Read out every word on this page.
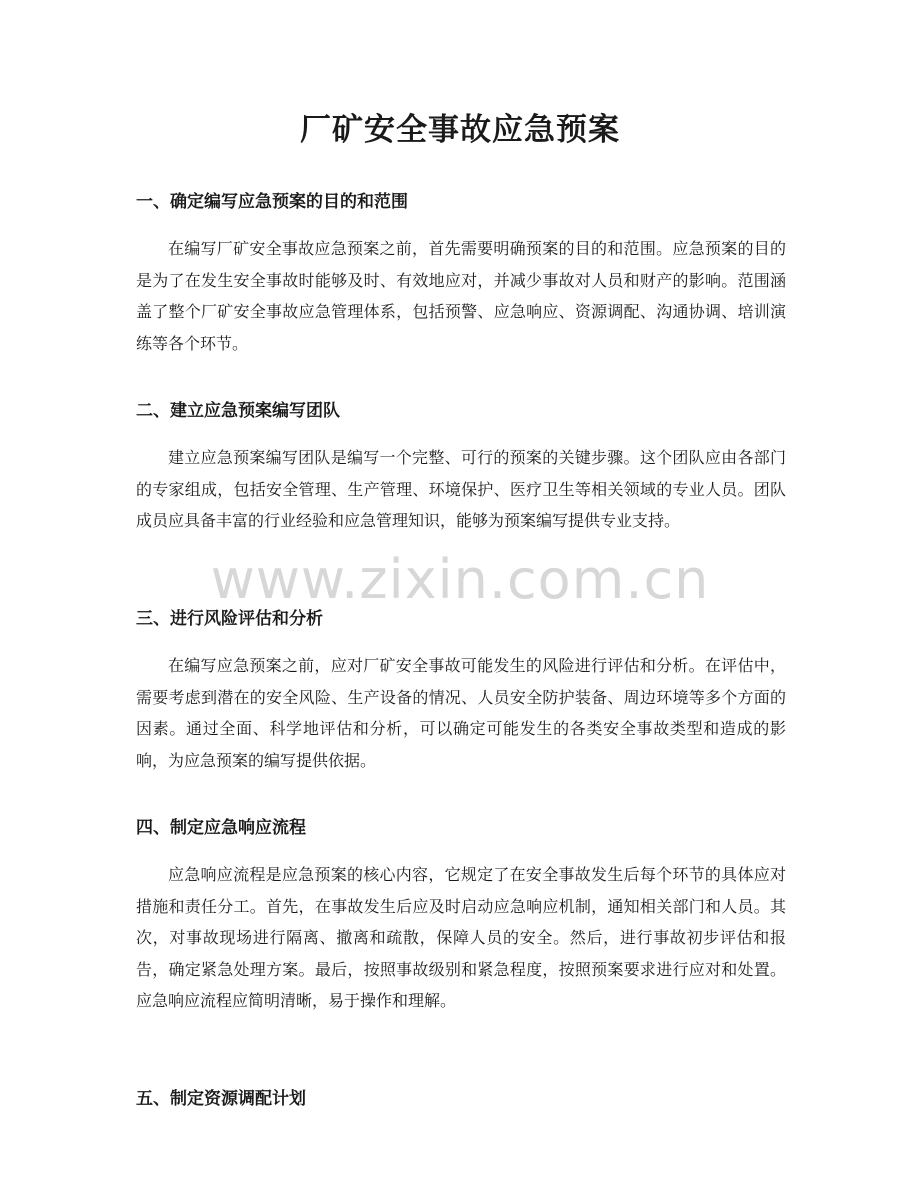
厂矿安全事故应急预案
一、确定编写应急预案的目的和范围

在编写厂矿安全事故应急预案之前，首先需要明确预案的目的和范围。应急预案的目的是为了在发生安全事故时能够及时、有效地应对，并减少事故对人员和财产的影响。范围涵盖了整个厂矿安全事故应急管理体系，包括预警、应急响应、资源调配、沟通协调、培训演练等各个环节。

二、建立应急预案编写团队

建立应急预案编写团队是编写一个完整、可行的预案的关键步骤。这个团队应由各部门的专家组成，包括安全管理、生产管理、环境保护、医疗卫生等相关领域的专业人员。团队成员应具备丰富的行业经验和应急管理知识，能够为预案编写提供专业支持。

三、进行风险评估和分析

在编写应急预案之前，应对厂矿安全事故可能发生的风险进行评估和分析。在评估中，需要考虑到潜在的安全风险、生产设备的情况、人员安全防护装备、周边环境等多个方面的因素。通过全面、科学地评估和分析，可以确定可能发生的各类安全事故类型和造成的影响，为应急预案的编写提供依据。

四、制定应急响应流程

应急响应流程是应急预案的核心内容，它规定了在安全事故发生后每个环节的具体应对措施和责任分工。首先，在事故发生后应及时启动应急响应机制，通知相关部门和人员。其次，对事故现场进行隔离、撤离和疏散，保障人员的安全。然后，进行事故初步评估和报告，确定紧急处理方案。最后，按照事故级别和紧急程度，按照预案要求进行应对和处置。应急响应流程应简明清晰，易于操作和理解。

五、制定资源调配计划
www.zixin.com.cn
